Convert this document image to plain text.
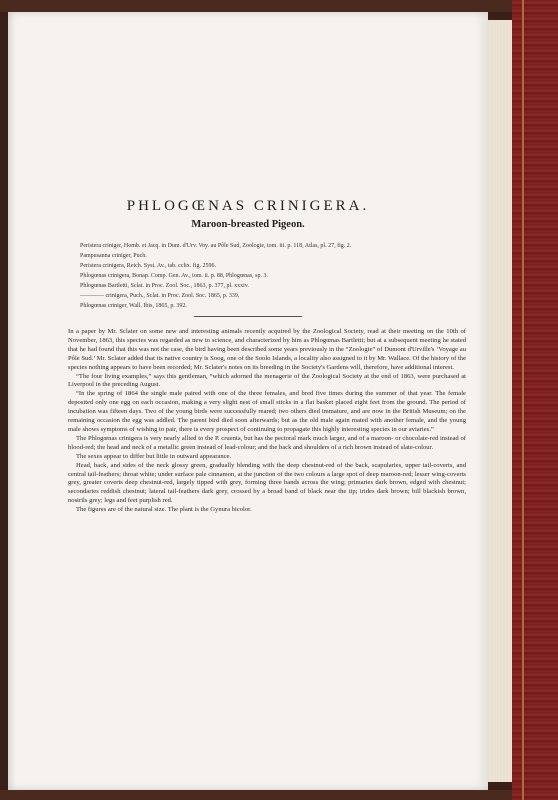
PHLOGŒNAS CRINIGERA.
Maroon-breasted Pigeon.
Peristera criniger, Homb. et Jacq. in Dum. d'Urv. Voy. au Pôle Sud, Zoologie, tom. iii. p. 118, Atlas, pl. 27, fig. 2.
Pampusanna criniger, Puch.
Peristera crinigera, Reich. Syst. Av., tab. cclix. fig. 2596.
Phlogœnas crinigera, Bonap. Comp. Gen. Av., tom. ii. p. 88, Phlogœnas, sp. 3.
Phlogœnas Bartletti, Sclat. in Proc. Zool. Soc., 1863, p. 377, pl. xxxiv.
———— crinigera, Puch., Sclat. in Proc. Zool. Soc. 1865, p. 339.
Phlogœnas criniger, Wall. Ibis, 1865, p. 392.

In a paper by Mr. Sclater on some new and interesting animals recently acquired by the Zoological Society, read at their meeting on the 10th of November, 1863, this species was regarded as new to science, and characterized by him as Phlogœnas Bartletti; but at a subsequent meeting he stated that he had found that this was not the case, the bird having been described some years previously in the “Zoologie” of Dumont d'Urville's ‘Voyage au Pôle Sud.’ Mr. Sclater added that its native country is Soog, one of the Soolo Islands, a locality also assigned to it by Mr. Wallace. Of the history of the species nothing appears to have been recorded; Mr. Sclater's notes on its breeding in the Society's Gardens will, therefore, have additional interest.

“The four living examples,” says this gentleman, “which adorned the menagerie of the Zoological Society at the end of 1863, were purchased at Liverpool in the preceding August.

“In the spring of 1864 the single male paired with one of the three females, and bred five times during the summer of that year. The female deposited only one egg on each occasion, making a very slight nest of small sticks in a flat basket placed eight feet from the ground. The period of incubation was fifteen days. Two of the young birds were successfully reared; two others died immature, and are now in the British Museum; on the remaining occasion the egg was addled. The parent bird died soon afterwards; but as the old male again mated with another female, and the young male shows symptoms of wishing to pair, there is every prospect of continuing to propagate this highly interesting species in our aviaries.”

The Phlogœnas crinigera is very nearly allied to the P. cruenta, but has the pectoral mark much larger, and of a maroon- or chocolate-red instead of blood-red; the head and neck of a metallic green instead of lead-colour; and the back and shoulders of a rich brown instead of slate-colour.

The sexes appear to differ but little in outward appearance.

Head, back, and sides of the neck glossy green, gradually blending with the deep chestnut-red of the back, scapularies, upper tail-coverts, and central tail-feathers; throat white; under surface pale cinnamon, at the junction of the two colours a large spot of deep maroon-red; lesser wing-coverts grey, greater coverts deep chestnut-red, largely tipped with grey, forming three bands across the wing; primaries dark brown, edged with chestnut; secondaries reddish chestnut; lateral tail-feathers dark grey, crossed by a broad band of black near the tip; irides dark brown; bill blackish brown, nostrils grey; legs and feet purplish red.

The figures are of the natural size. The plant is the Gynura bicolor.
